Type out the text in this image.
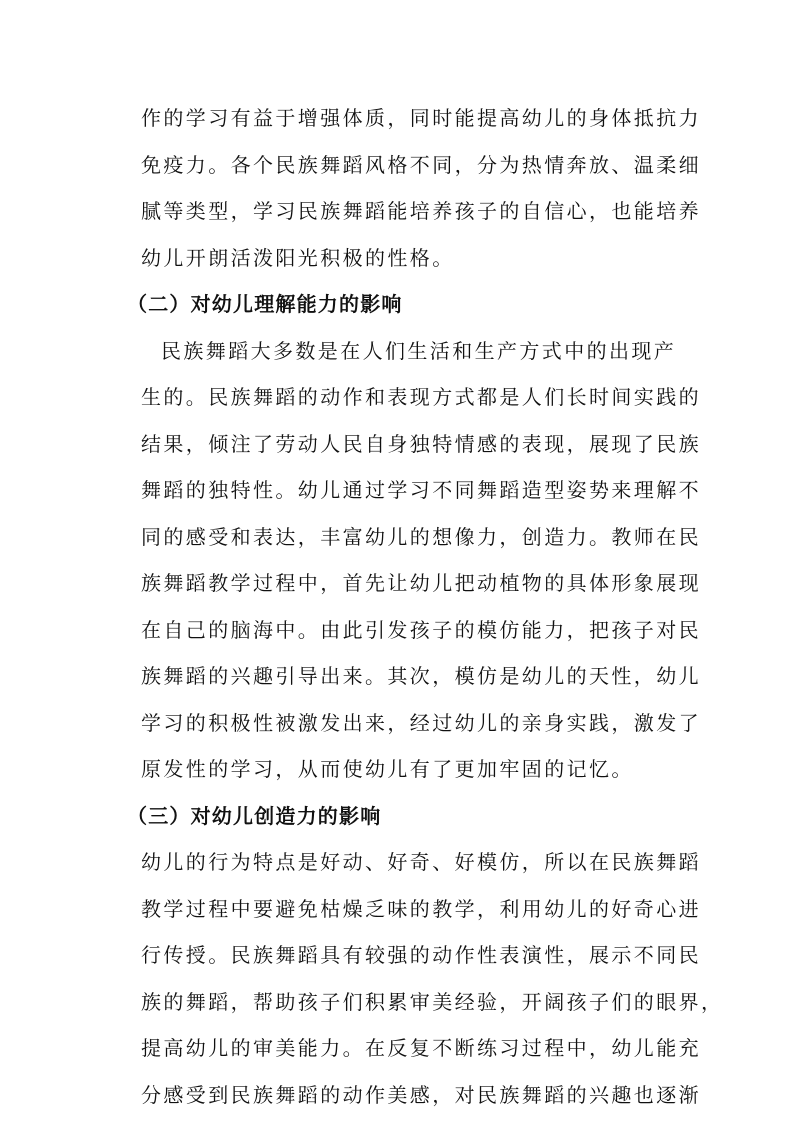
作的学习有益于增强体质，同时能提高幼儿的身体抵抗力
免疫力。各个民族舞蹈风格不同，分为热情奔放、温柔细
腻等类型，学习民族舞蹈能培养孩子的自信心，也能培养
幼儿开朗活泼阳光积极的性格。
（二）对幼儿理解能力的影响
民族舞蹈大多数是在人们生活和生产方式中的出现产
生的。民族舞蹈的动作和表现方式都是人们长时间实践的
结果，倾注了劳动人民自身独特情感的表现，展现了民族
舞蹈的独特性。幼儿通过学习不同舞蹈造型姿势来理解不
同的感受和表达，丰富幼儿的想像力，创造力。教师在民
族舞蹈教学过程中，首先让幼儿把动植物的具体形象展现
在自己的脑海中。由此引发孩子的模仿能力，把孩子对民
族舞蹈的兴趣引导出来。其次，模仿是幼儿的天性，幼儿
学习的积极性被激发出来，经过幼儿的亲身实践，激发了
原发性的学习，从而使幼儿有了更加牢固的记忆。
（三）对幼儿创造力的影响
幼儿的行为特点是好动、好奇、好模仿，所以在民族舞蹈
教学过程中要避免枯燥乏味的教学，利用幼儿的好奇心进
行传授。民族舞蹈具有较强的动作性表演性，展示不同民
族的舞蹈，帮助孩子们积累审美经验，开阔孩子们的眼界，
提高幼儿的审美能力。在反复不断练习过程中，幼儿能充
分感受到民族舞蹈的动作美感，对民族舞蹈的兴趣也逐渐
